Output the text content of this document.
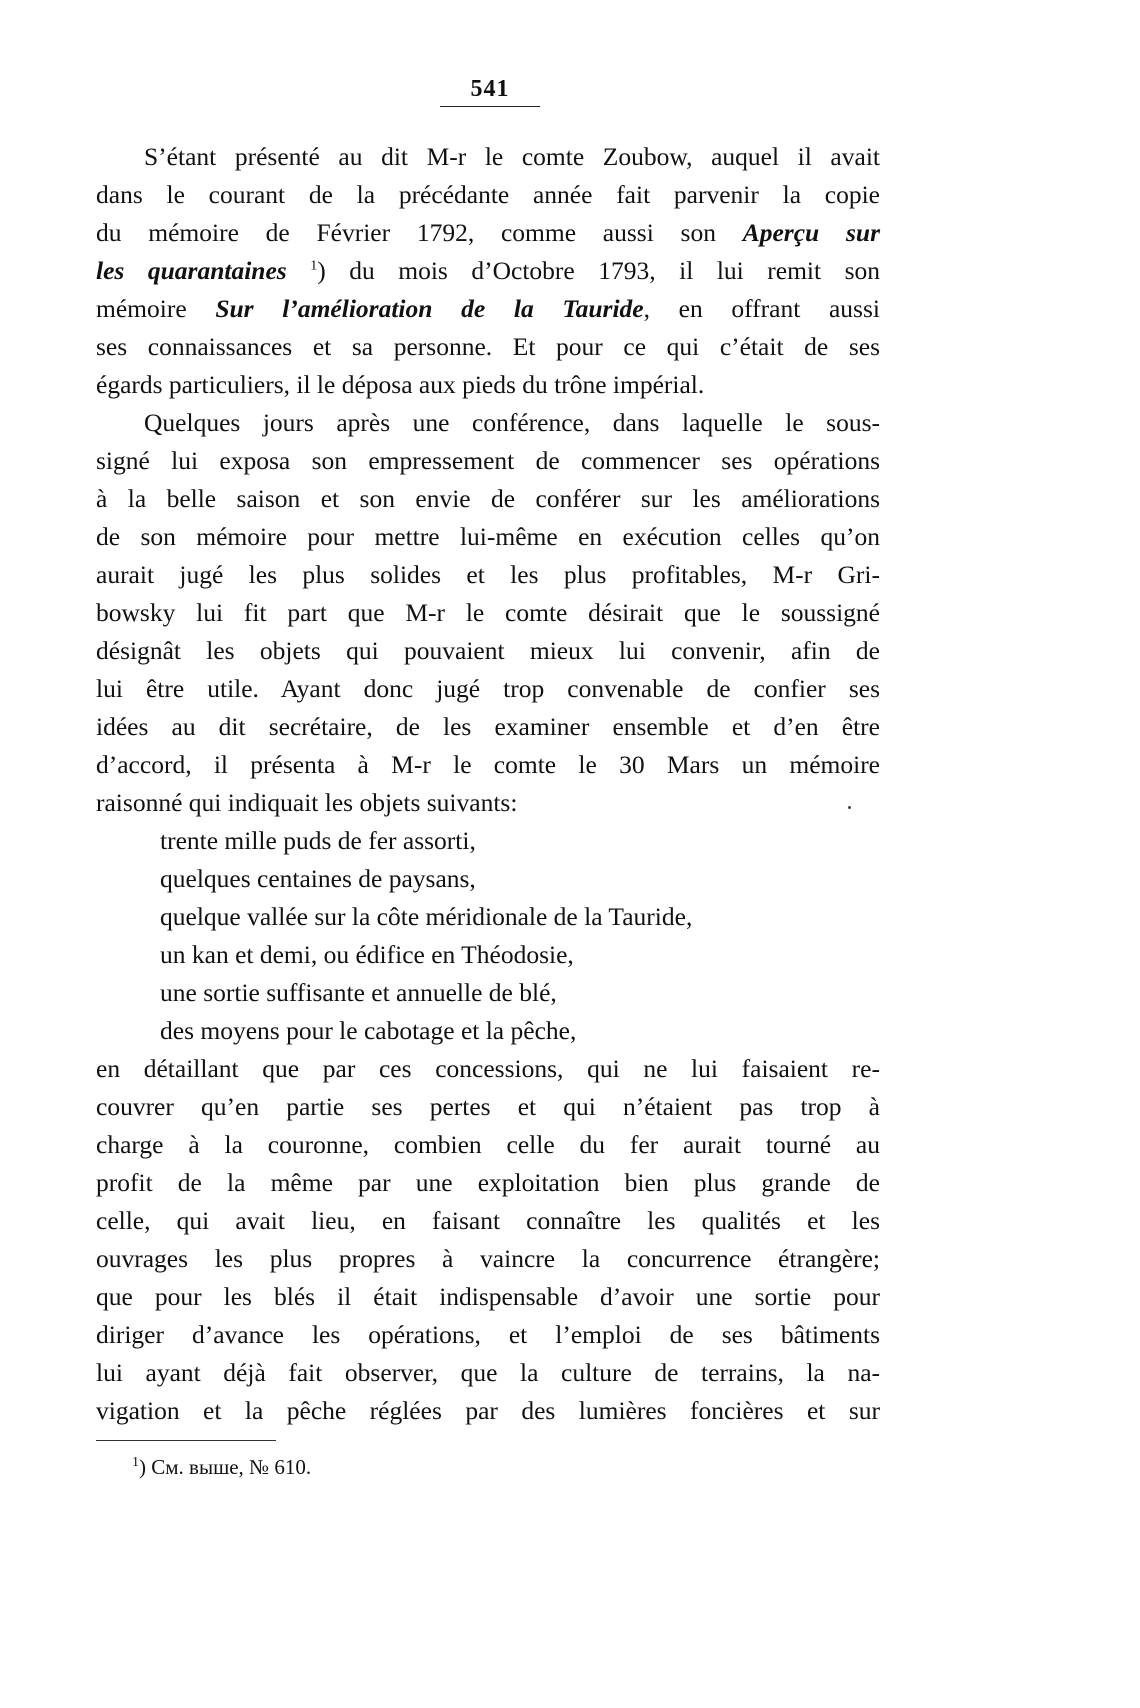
541
S’étant présenté au dit M-r le comte Zoubow, auquel il avait
dans le courant de la précédante année fait parvenir la copie
du mémoire de Février 1792, comme aussi son Aperçu sur
les quarantaines $^1$) du mois d’Octobre 1793, il lui remit son
mémoire Sur l’amélioration de la Tauride, en offrant aussi
ses connaissances et sa personne. Et pour ce qui c’était de ses
égards particuliers, il le déposa aux pieds du trône impérial.
Quelques jours après une conférence, dans laquelle le sous-
signé lui exposa son empressement de commencer ses opérations
à la belle saison et son envie de conférer sur les améliorations
de son mémoire pour mettre lui-même en exécution celles qu’on
aurait jugé les plus solides et les plus profitables, M-r Gri-
bowsky lui fit part que M-r le comte désirait que le soussigné
désignât les objets qui pouvaient mieux lui convenir, afin de
lui être utile. Ayant donc jugé trop convenable de confier ses
idées au dit secrétaire, de les examiner ensemble et d’en être
d’accord, il présenta à M-r le comte le 30 Mars un mémoire
raisonné qui indiquait les objets suivants:
trente mille puds de fer assorti,
quelques centaines de paysans,
quelque vallée sur la côte méridionale de la Tauride,
un kan et demi, ou édifice en Théodosie,
une sortie suffisante et annuelle de blé,
des moyens pour le cabotage et la pêche,
en détaillant que par ces concessions, qui ne lui faisaient re-
couvrer qu’en partie ses pertes et qui n’étaient pas trop à
charge à la couronne, combien celle du fer aurait tourné au
profit de la même par une exploitation bien plus grande de
celle, qui avait lieu, en faisant connaître les qualités et les
ouvrages les plus propres à vaincre la concurrence étrangère;
que pour les blés il était indispensable d’avoir une sortie pour
diriger d’avance les opérations, et l’emploi de ses bâtiments
lui ayant déjà fait observer, que la culture de terrains, la na-
vigation et la pêche réglées par des lumières foncières et sur
$^1$) См. выше, № 610.
